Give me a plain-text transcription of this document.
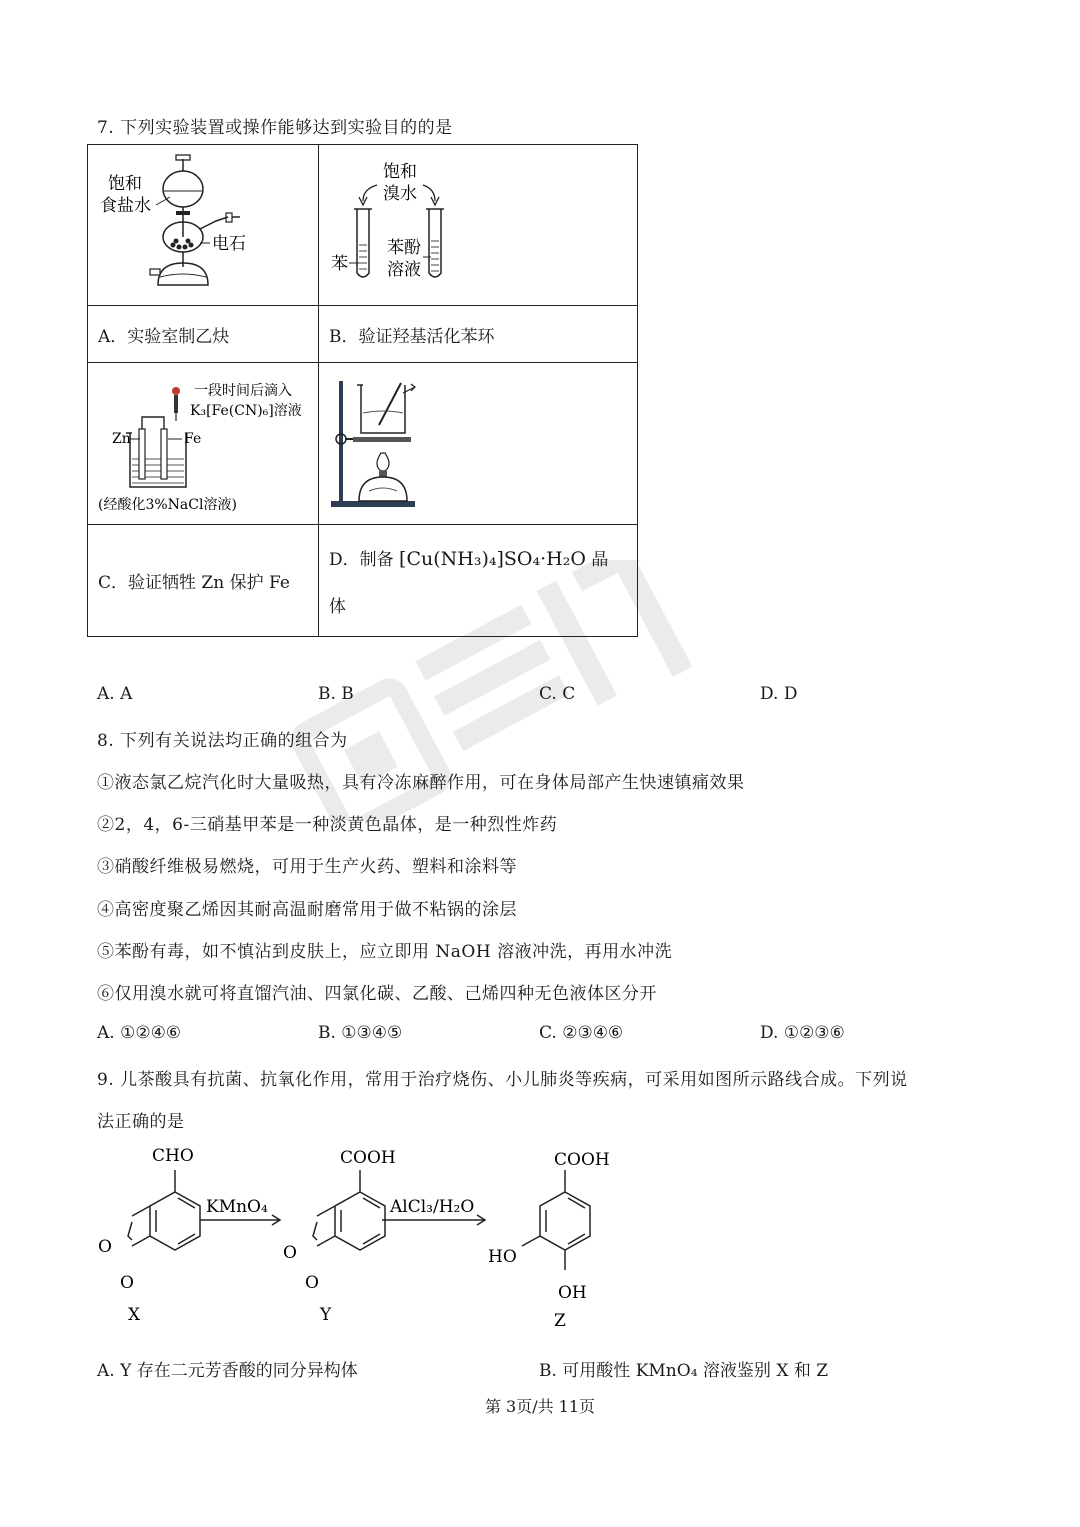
7. 下列实验装置或操作能够达到实验目的的是
饱和
食盐水
电石	饱和
溴水
苯
苯酚
溶液

A．实验室制乙炔	B．验证羟基活化苯环

一段时间后滴入
K₃[Fe(CN)₆]溶液
Zn Fe
(经酸化3%NaCl溶液)

C．验证牺牲 Zn 保护 Fe	D．制备 [Cu(NH₃)₄]SO₄·H₂O 晶
体
A. A	B. B	C. C	D. D
8. 下列有关说法均正确的组合为
①液态氯乙烷汽化时大量吸热，具有冷冻麻醉作用，可在身体局部产生快速镇痛效果
②2，4，6-三硝基甲苯是一种淡黄色晶体，是一种烈性炸药
③硝酸纤维极易燃烧，可用于生产火药、塑料和涂料等
④高密度聚乙烯因其耐高温耐磨常用于做不粘锅的涂层
⑤苯酚有毒，如不慎沾到皮肤上，应立即用 NaOH 溶液冲洗，再用水冲洗
⑥仅用溴水就可将直馏汽油、四氯化碳、乙酸、己烯四种无色液体区分开
A. ①②④⑥	B. ①③④⑤	C. ②③④⑥	D. ①②③⑥
9. 儿茶酸具有抗菌、抗氧化作用，常用于治疗烧伤、小儿肺炎等疾病，可采用如图所示路线合成。下列说
法正确的是
CHO
O
O
X
KMnO₄
COOH
O
O
Y
AlCl₃/H₂O
COOH
HO
OH
Z
A. Y 存在二元芳香酸的同分异构体	B. 可用酸性 KMnO₄ 溶液鉴别 X 和 Z
第 3页/共 11页
